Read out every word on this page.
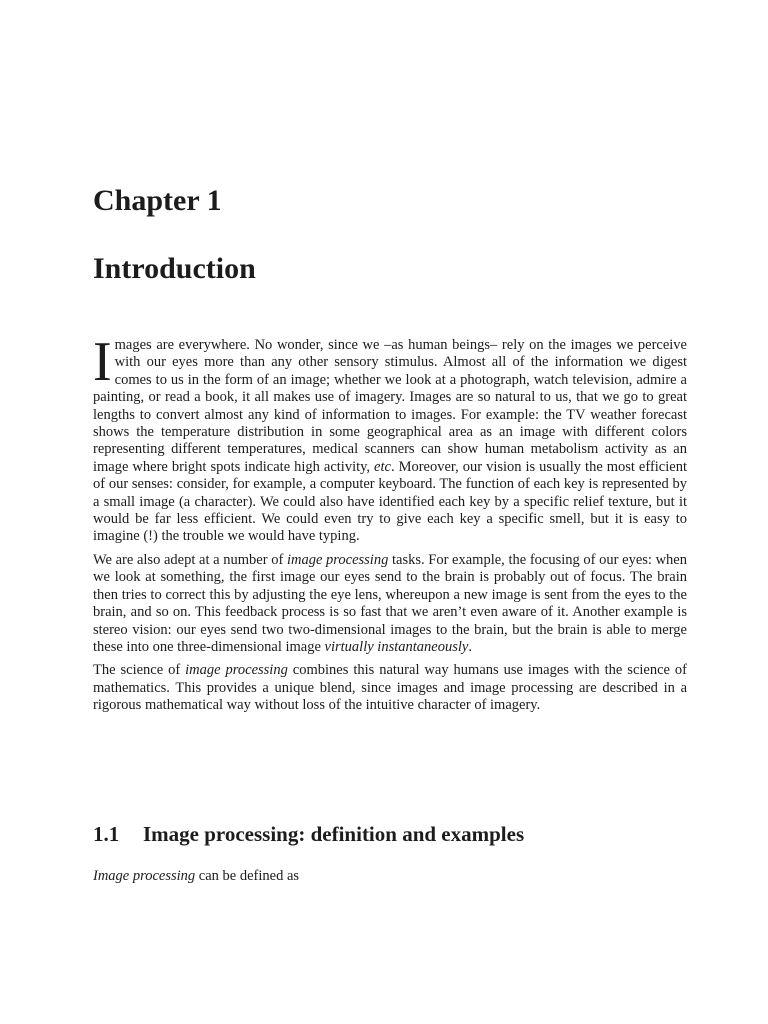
Chapter 1
Introduction

Images are everywhere. No wonder, since we –as human beings– rely on the images we perceive with our eyes more than any other sensory stimulus. Almost all of the information we digest comes to us in the form of an image; whether we look at a photograph, watch television, admire a painting, or read a book, it all makes use of imagery. Images are so natural to us, that we go to great lengths to convert almost any kind of information to images. For example: the TV weather forecast shows the temperature distribution in some geographical area as an image with different colors representing different temperatures, medical scanners can show human metabolism activity as an image where bright spots indicate high activity, etc. Moreover, our vision is usually the most efficient of our senses: consider, for example, a computer keyboard. The function of each key is represented by a small image (a character). We could also have identified each key by a specific relief texture, but it would be far less efficient. We could even try to give each key a specific smell, but it is easy to imagine (!) the trouble we would have typing.

We are also adept at a number of image processing tasks. For example, the focusing of our eyes: when we look at something, the first image our eyes send to the brain is probably out of focus. The brain then tries to correct this by adjusting the eye lens, whereupon a new image is sent from the eyes to the brain, and so on. This feedback process is so fast that we aren’t even aware of it. Another example is stereo vision: our eyes send two two-dimensional images to the brain, but the brain is able to merge these into one three-dimensional image virtually instantaneously.

The science of image processing combines this natural way humans use images with the science of mathematics. This provides a unique blend, since images and image processing are described in a rigorous mathematical way without loss of the intuitive character of imagery.

1.1 Image processing: definition and examples

Image processing can be defined as
